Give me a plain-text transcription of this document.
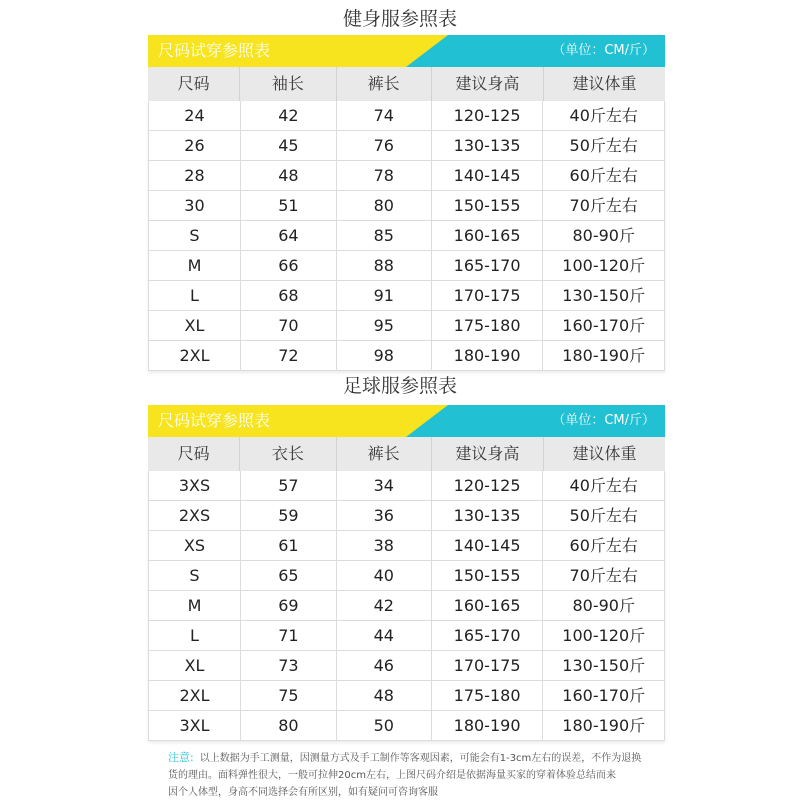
健身服参照表
尺码试穿参照表	（单位：CM/斤）
尺码	袖长	裤长	建议身高	建议体重
24	42	74	120-125	40斤左右
26	45	76	130-135	50斤左右
28	48	78	140-145	60斤左右
30	51	80	150-155	70斤左右
S	64	85	160-165	80-90斤
M	66	88	165-170	100-120斤
L	68	91	170-175	130-150斤
XL	70	95	175-180	160-170斤
2XL	72	98	180-190	180-190斤
足球服参照表
尺码试穿参照表	（单位：CM/斤）
尺码	衣长	裤长	建议身高	建议体重
3XS	57	34	120-125	40斤左右
2XS	59	36	130-135	50斤左右
XS	61	38	140-145	60斤左右
S	65	40	150-155	70斤左右
M	69	42	160-165	80-90斤
L	71	44	165-170	100-120斤
XL	73	46	170-175	130-150斤
2XL	75	48	175-180	160-170斤
3XL	80	50	180-190	180-190斤
注意: 以上数据为手工测量，因测量方式及手工制作等客观因素，可能会有1-3cm左右的误差，不作为退换
货的理由。面料弹性很大，一般可拉伸20cm左右，上图尺码介绍是依据海量买家的穿着体验总结而来
因个人体型，身高不同选择会有所区别，如有疑问可咨询客服
